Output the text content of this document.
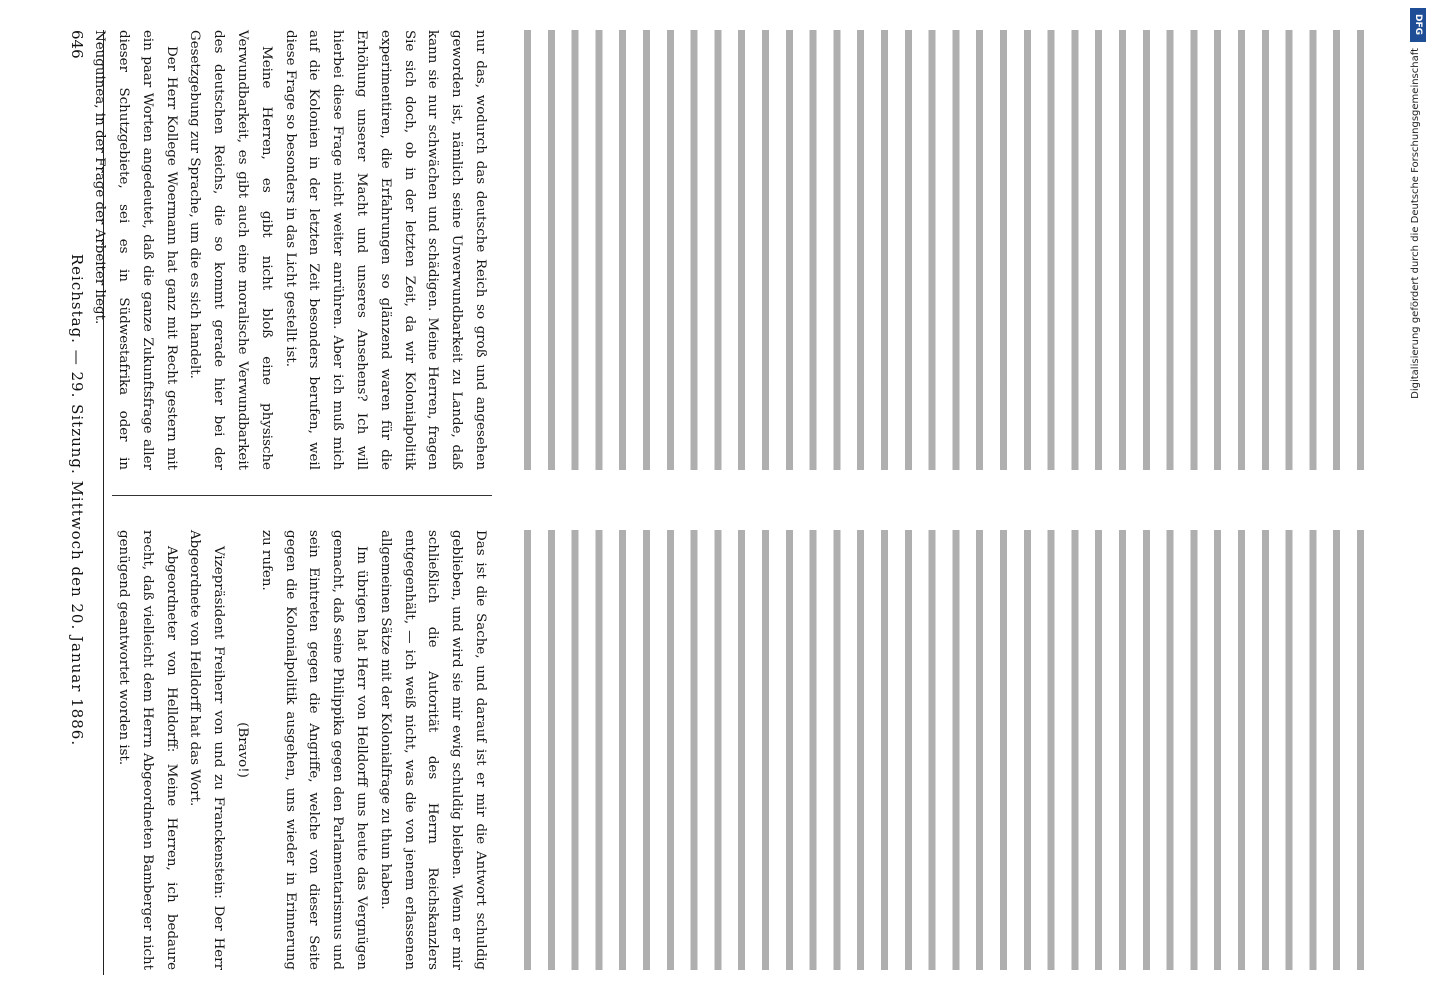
nur das, wodurch das deutsche Reich so groß und angesehen geworden ist, nämlich seine Unverwundbarkeit zu Lande, daß kann sie nur schwächen und schädigen. Meine Herren, fragen Sie sich doch, ob in der letzten Zeit, da wir Kolonialpolitik experimentiren, die Erfahrungen so glänzend waren für die Erhöhung unserer Macht und unseres Ansehens? Ich will hierbei diese Frage nicht weiter anrühren. Aber ich muß mich auf die Kolonien in der letzten Zeit besonders berufen, weil diese Frage so besonders in das Licht gestellt ist.

Meine Herren, es gibt nicht bloß eine physische Verwundbarkeit, es gibt auch eine moralische Verwundbarkeit des deutschen Reichs, die so kommt gerade hier bei der Gesetzgebung zur Sprache, um die es sich handelt.

Der Herr Kollege Woermann hat ganz mit Recht gestern mit ein paar Worten angedeutet, daß die ganze Zukunftsfrage aller dieser Schutzgebiete, sei es in Südwestafrika oder in Neuguinea, in der Frage der Arbeiter liegt.

Das ist die Sache, und darauf ist er mir die Antwort schuldig geblieben, und wird sie mir ewig schuldig bleiben. Wenn er mir schließlich die Autorität des Herrn Reichskanzlers entgegenhält, — ich weiß nicht, was die von jenem erlassenen allgemeinen Sätze mit der Kolonialfrage zu thun haben.

Im übrigen hat Herr von Helldorff uns heute das Vergnügen gemacht, daß seine Philippika gegen den Parlamentarismus und sein Eintreten gegen die Angriffe, welche von dieser Seite gegen die Kolonialpolitik ausgehen, uns wieder in Erinnerung zu rufen.

(Bravo!)

Vizepräsident Freiherr von und zu Franckenstein: Der Herr Abgeordnete von Helldorff hat das Wort.

Abgeordneter von Helldorff: Meine Herren, ich bedaure recht, daß vielleicht dem Herrn Abgeordneten Bamberger nicht genügend geantwortet worden ist.

646
Reichstag. — 29. Sitzung. Mittwoch den 20. Januar 1886.
DFG
Digitalisierung gefördert durch die Deutsche Forschungsgemeinschaft
